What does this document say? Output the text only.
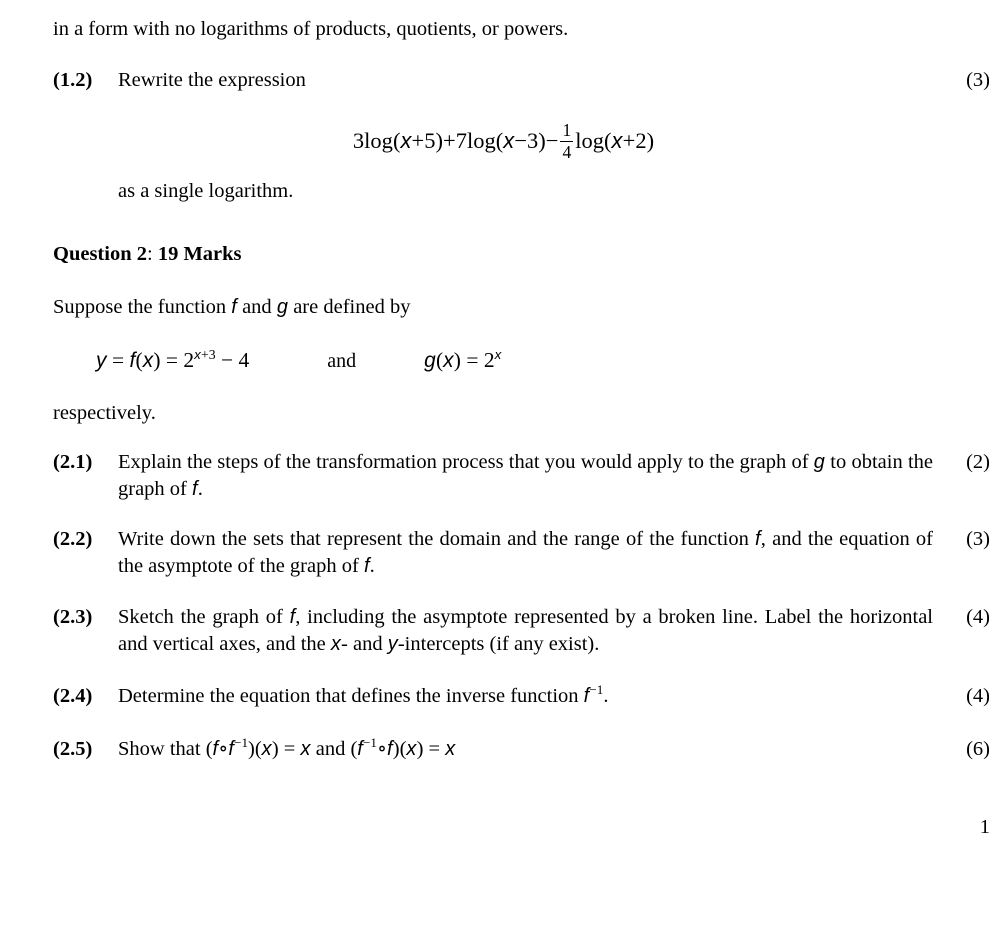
in a form with no logarithms of products, quotients, or powers.
(1.2)	(3)
Rewrite the expression
$3\log(x+5)+7\log(x-3)- \frac{1}{4} \log(x+2)$
as a single logarithm.
Question 2: 19 Marks
Suppose the function f and g are defined by
$y = f(x) = 2^{x+3} - 4$	and	$g(x) = 2^x$
respectively.
(2.1)	(2)
Explain the steps of the transformation process that you would apply to the graph of g to obtain the graph of f.
(2.2)	(3)
Write down the sets that represent the domain and the range of the function f, and the equation of the asymptote of the graph of f.
(2.3)	(4)
Sketch the graph of f, including the asymptote represented by a broken line. Label the horizontal and vertical axes, and the x- and y-intercepts (if any exist).
(2.4)	(4)
Determine the equation that defines the inverse function $f^{-1}$.
(2.5)	(6)
Show that $(f\circ f^{-1})(x) = x$ and $(f^{-1}\circ f)(x) = x$
1
